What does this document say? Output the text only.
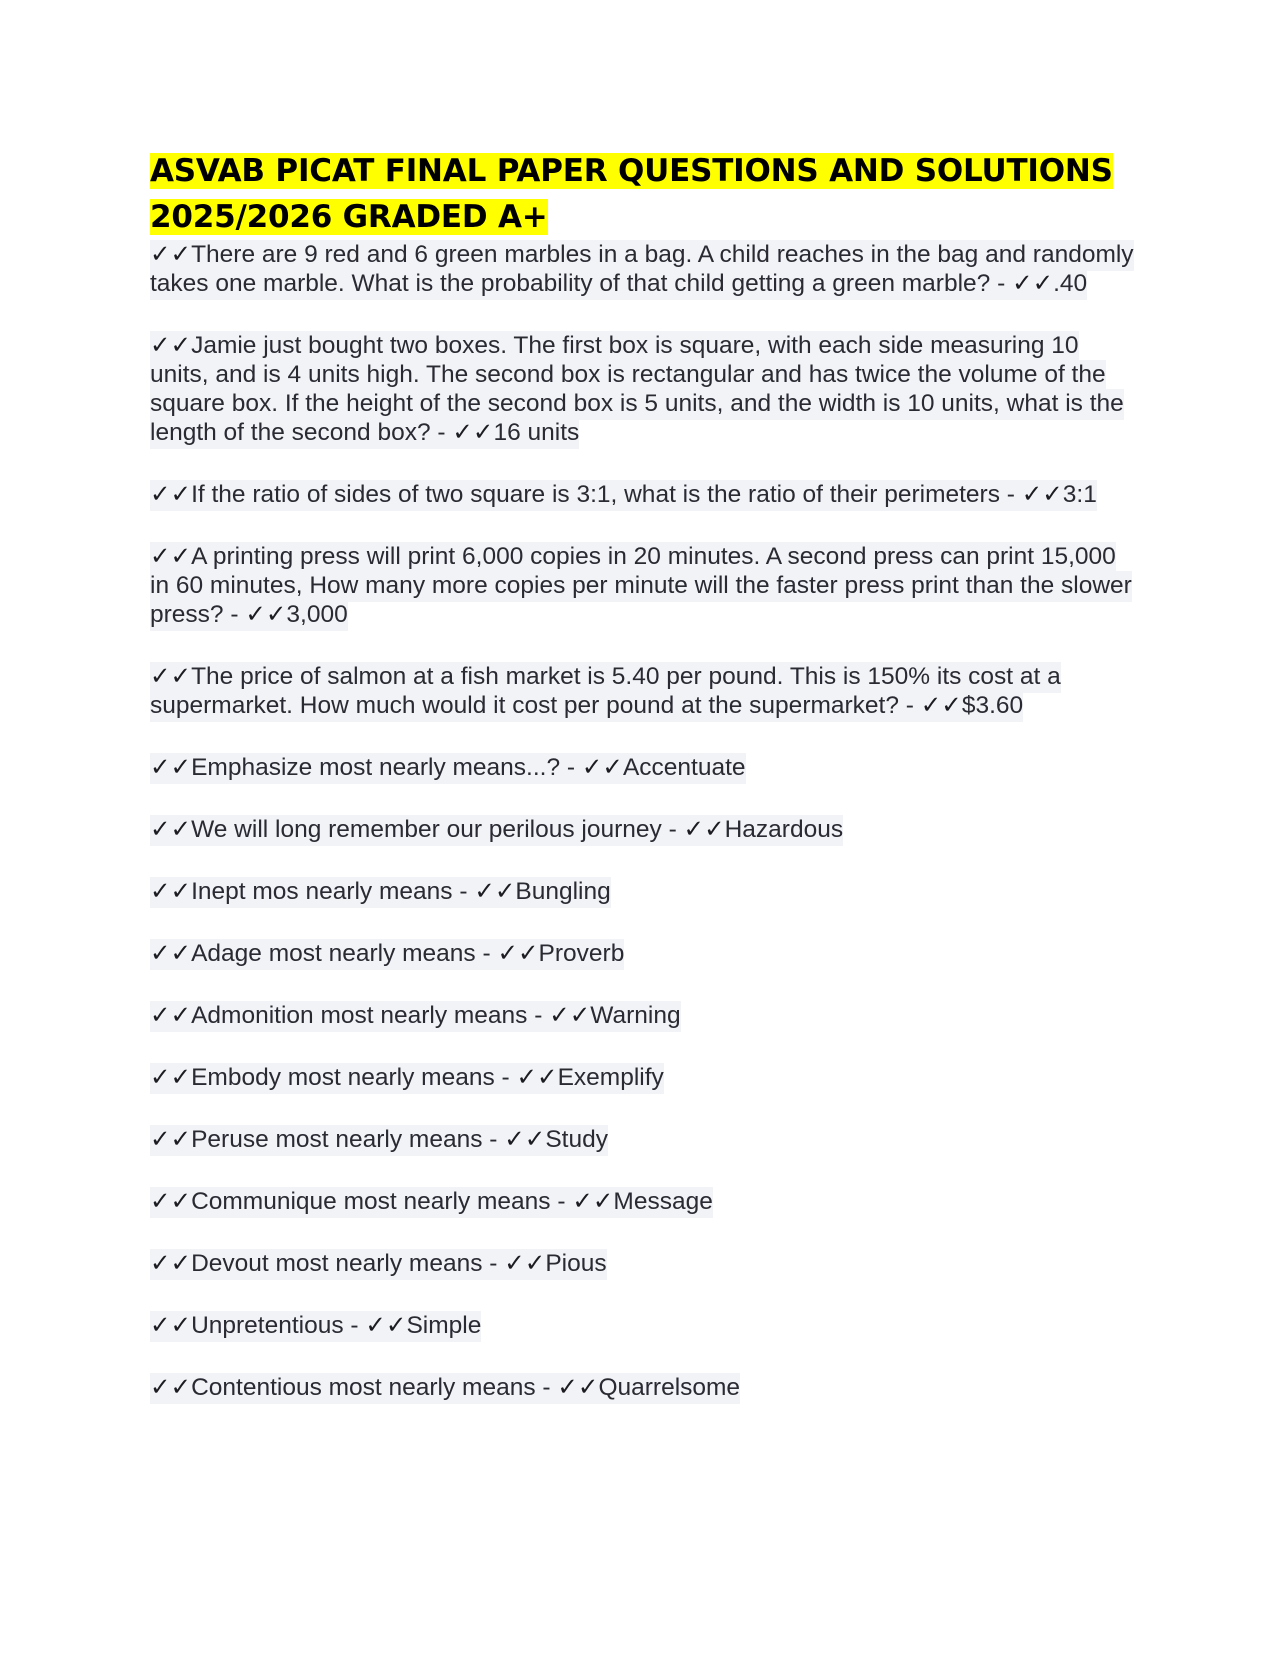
ASVAB PICAT FINAL PAPER QUESTIONS AND SOLUTIONS 2025/2026 GRADED A+
✓✓There are 9 red and 6 green marbles in a bag. A child reaches in the bag and randomly takes one marble. What is the probability of that child getting a green marble? - ✓✓.40
✓✓Jamie just bought two boxes. The first box is square, with each side measuring 10 units, and is 4 units high. The second box is rectangular and has twice the volume of the square box. If the height of the second box is 5 units, and the width is 10 units, what is the length of the second box? - ✓✓16 units
✓✓If the ratio of sides of two square is 3:1, what is the ratio of their perimeters - ✓✓3:1
✓✓A printing press will print 6,000 copies in 20 minutes. A second press can print 15,000 in 60 minutes, How many more copies per minute will the faster press print than the slower press? - ✓✓3,000
✓✓The price of salmon at a fish market is 5.40 per pound. This is 150% its cost at a supermarket. How much would it cost per pound at the supermarket? - ✓✓$3.60
✓✓Emphasize most nearly means...? - ✓✓Accentuate
✓✓We will long remember our perilous journey - ✓✓Hazardous
✓✓Inept mos nearly means - ✓✓Bungling
✓✓Adage most nearly means - ✓✓Proverb
✓✓Admonition most nearly means - ✓✓Warning
✓✓Embody most nearly means - ✓✓Exemplify
✓✓Peruse most nearly means - ✓✓Study
✓✓Communique most nearly means - ✓✓Message
✓✓Devout most nearly means - ✓✓Pious
✓✓Unpretentious - ✓✓Simple
✓✓Contentious most nearly means - ✓✓Quarrelsome
